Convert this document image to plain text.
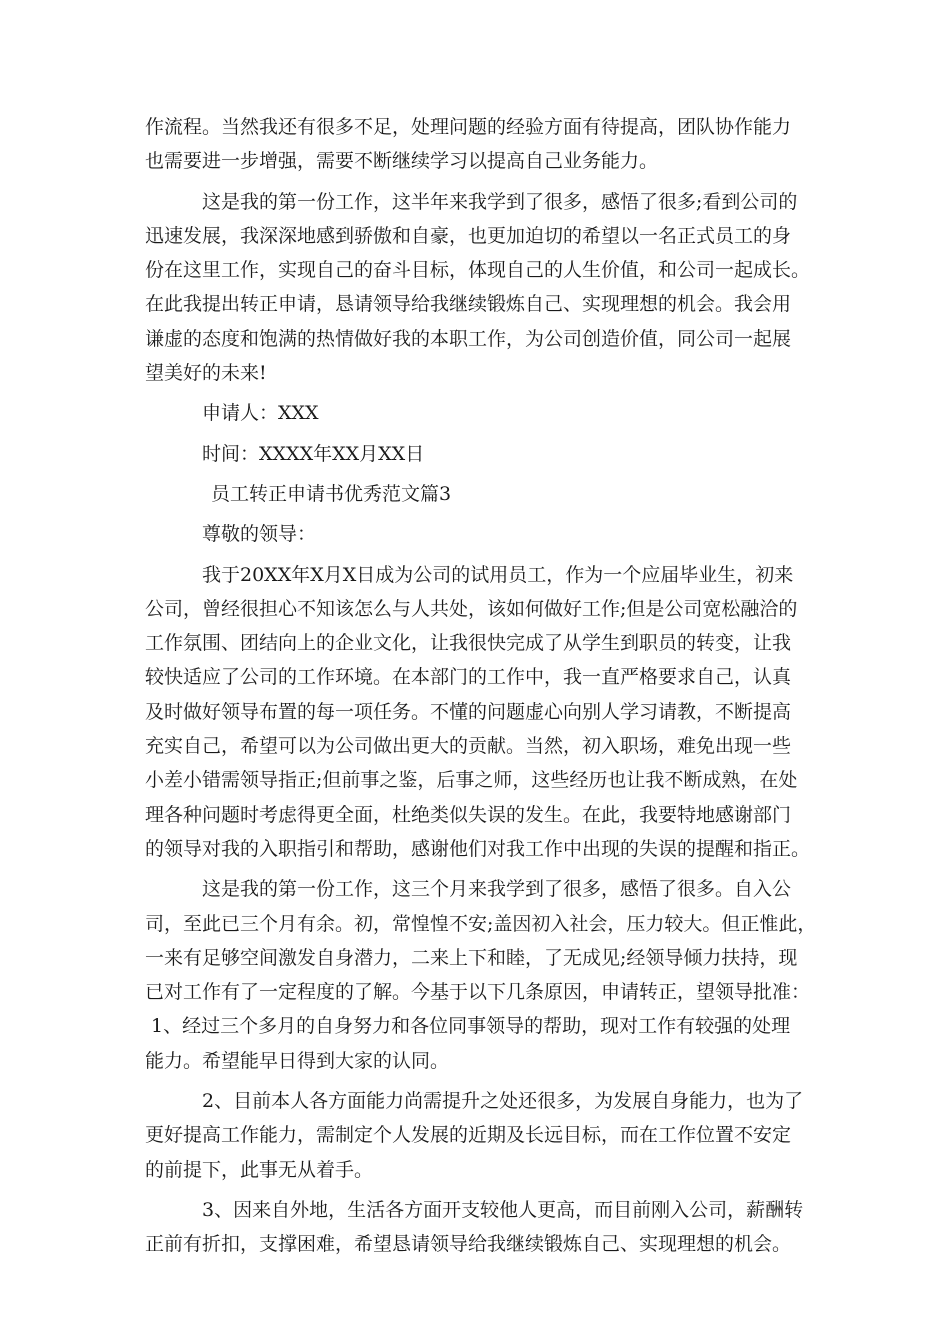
作流程。当然我还有很多不足，处理问题的经验方面有待提高，团队协作能力
也需要进一步增强，需要不断继续学习以提高自己业务能力。
这是我的第一份工作，这半年来我学到了很多，感悟了很多;看到公司的
迅速发展，我深深地感到骄傲和自豪，也更加迫切的希望以一名正式员工的身
份在这里工作，实现自己的奋斗目标，体现自己的人生价值，和公司一起成长。
在此我提出转正申请，恳请领导给我继续锻炼自己、实现理想的机会。我会用
谦虚的态度和饱满的热情做好我的本职工作，为公司创造价值，同公司一起展
望美好的未来!
申请人：XXX
时间：XXXX年XX月XX日
员工转正申请书优秀范文篇3
尊敬的领导：
我于20XX年X月X日成为公司的试用员工，作为一个应届毕业生，初来
公司，曾经很担心不知该怎么与人共处，该如何做好工作;但是公司宽松融洽的
工作氛围、团结向上的企业文化，让我很快完成了从学生到职员的转变，让我
较快适应了公司的工作环境。在本部门的工作中，我一直严格要求自己，认真
及时做好领导布置的每一项任务。不懂的问题虚心向别人学习请教，不断提高
充实自己，希望可以为公司做出更大的贡献。当然，初入职场，难免出现一些
小差小错需领导指正;但前事之鉴，后事之师，这些经历也让我不断成熟，在处
理各种问题时考虑得更全面，杜绝类似失误的发生。在此，我要特地感谢部门
的领导对我的入职指引和帮助，感谢他们对我工作中出现的失误的提醒和指正。
这是我的第一份工作，这三个月来我学到了很多，感悟了很多。自入公
司，至此已三个月有余。初，常惶惶不安;盖因初入社会，压力较大。但正惟此，
一来有足够空间激发自身潜力，二来上下和睦，了无成见;经领导倾力扶持，现
已对工作有了一定程度的了解。今基于以下几条原因，申请转正，望领导批准：
1、经过三个多月的自身努力和各位同事领导的帮助，现对工作有较强的处理
能力。希望能早日得到大家的认同。
2、目前本人各方面能力尚需提升之处还很多，为发展自身能力，也为了
更好提高工作能力，需制定个人发展的近期及长远目标，而在工作位置不安定
的前提下，此事无从着手。
3、因来自外地，生活各方面开支较他人更高，而目前刚入公司，薪酬转
正前有折扣，支撑困难，希望恳请领导给我继续锻炼自己、实现理想的机会。
